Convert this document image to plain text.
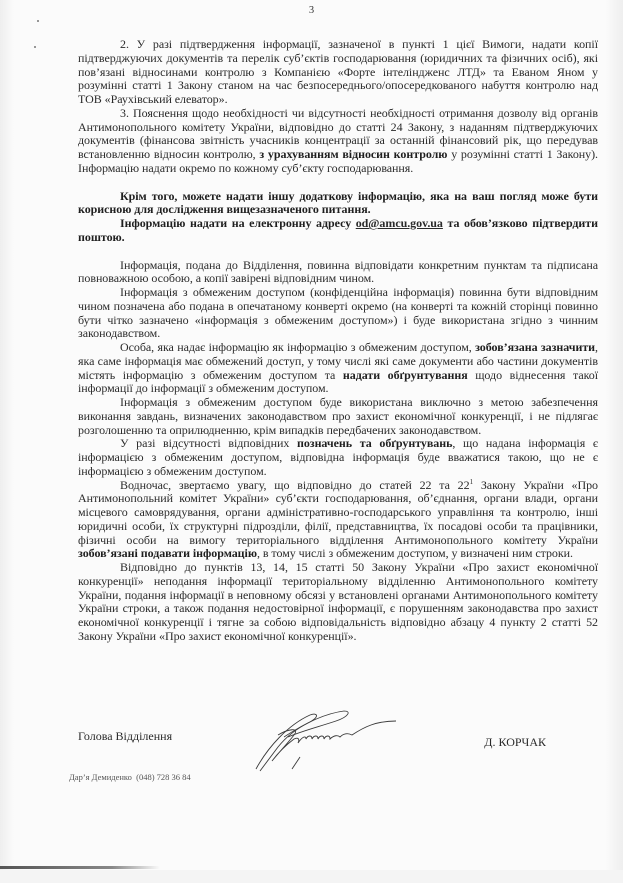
3

2. У разі підтвердження інформації, зазначеної в пункті 1 цієї Вимоги, надати копії підтверджуючих документів та перелік суб’єктів господарювання (юридичних та фізичних осіб), які пов’язані відносинами контролю з Компанією «Форте інтеліндженс ЛТД» та Еваном Яном у розумінні статті 1 Закону станом на час безпосереднього/опосередкованого набуття контролю над ТОВ «Раухівський елеватор».

3. Пояснення щодо необхідності чи відсутності необхідності отримання дозволу від органів Антимонопольного комітету України, відповідно до статті 24 Закону, з наданням підтверджуючих документів (фінансова звітність учасників концентрації за останній фінансовий рік, що передував встановленню відносин контролю, з урахуванням відносин контролю у розумінні статті 1 Закону). Інформацію надати окремо по кожному суб’єкту господарювання.

Крім того, можете надати іншу додаткову інформацію, яка на ваш погляд може бути корисною для дослідження вищезазначеного питання.

Інформацію надати на електронну адресу od@amcu.gov.ua та обов’язково підтвердити поштою.

Інформація, подана до Відділення, повинна відповідати конкретним пунктам та підписана повноважною особою, а копії завірені відповідним чином.

Інформація з обмеженим доступом (конфіденційна інформація) повинна бути відповідним чином позначена або подана в опечатаному конверті окремо (на конверті та кожній сторінці повинно бути чітко зазначено «інформація з обмеженим доступом») і буде використана згідно з чинним законодавством.

Особа, яка надає інформацію як інформацію з обмеженим доступом, зобов’язана зазначити, яка саме інформація має обмежений доступ, у тому числі які саме документи або частини документів містять інформацію з обмеженим доступом та надати обґрунтування щодо віднесення такої інформації до інформації з обмеженим доступом.

Інформація з обмеженим доступом буде використана виключно з метою забезпечення виконання завдань, визначених законодавством про захист економічної конкуренції, і не підлягає розголошенню та оприлюдненню, крім випадків передбачених законодавством.

У разі відсутності відповідних позначень та обґрунтувань, що надана інформація є інформацією з обмеженим доступом, відповідна інформація буде вважатися такою, що не є інформацією з обмеженим доступом.

Водночас, звертаємо увагу, що відповідно до статей 22 та $22^1$ Закону України «Про Антимонопольний комітет України» суб’єкти господарювання, об’єднання, органи влади, органи місцевого самоврядування, органи адміністративно-господарського управління та контролю, інші юридичні особи, їх структурні підрозділи, філії, представництва, їх посадові особи та працівники, фізичні особи на вимогу територіального відділення Антимонопольного комітету України зобов’язані подавати інформацію, в тому числі з обмеженим доступом, у визначені ним строки.

Відповідно до пунктів 13, 14, 15 статті 50 Закону України «Про захист економічної конкуренції» неподання інформації територіальному відділенню Антимонопольного комітету України, подання інформації в неповному обсязі у встановлені органами Антимонопольного комітету України строки, а також подання недостовірної інформації, є порушенням законодавства про захист економічної конкуренції і тягне за собою відповідальність відповідно абзацу 4 пункту 2 статті 52 Закону України «Про захист економічної конкуренції».

Голова Відділення	Д. КОРЧАК
Дар’я Демиденко (048) 728 36 84
